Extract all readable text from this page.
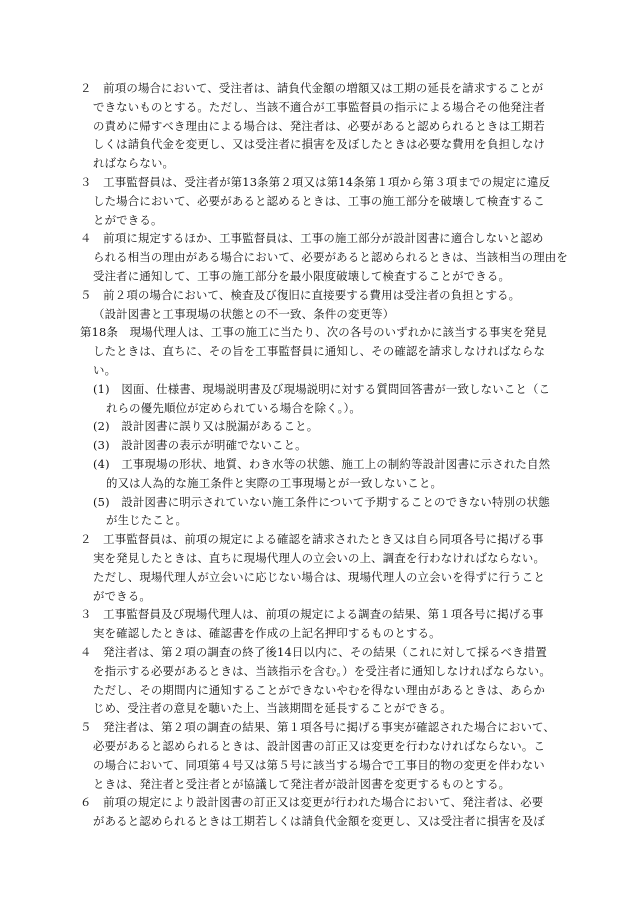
２　前項の場合において、受注者は、請負代金額の増額又は工期の延長を請求することが
できないものとする。ただし、当該不適合が工事監督員の指示による場合その他発注者
の責めに帰すべき理由による場合は、発注者は、必要があると認められるときは工期若
しくは請負代金を変更し、又は受注者に損害を及ぼしたときは必要な費用を負担しなけ
ればならない。
３　工事監督員は、受注者が第13条第２項又は第14条第１項から第３項までの規定に違反
した場合において、必要があると認めるときは、工事の施工部分を破壊して検査するこ
とができる。
４　前項に規定するほか、工事監督員は、工事の施工部分が設計図書に適合しないと認め
られる相当の理由がある場合において、必要があると認められるときは、当該相当の理由を
受注者に通知して、工事の施工部分を最小限度破壊して検査することができる。
５　前２項の場合において、検査及び復旧に直接要する費用は受注者の負担とする。
（設計図書と工事現場の状態との不一致、条件の変更等）
第18条　現場代理人は、工事の施工に当たり、次の各号のいずれかに該当する事実を発見
したときは、直ちに、その旨を工事監督員に通知し、その確認を請求しなければならな
い。
(1)　図面、仕様書、現場説明書及び現場説明に対する質問回答書が一致しないこと（こ
れらの優先順位が定められている場合を除く。）。
(2)　設計図書に誤り又は脱漏があること。
(3)　設計図書の表示が明確でないこと。
(4)　工事現場の形状、地質、わき水等の状態、施工上の制約等設計図書に示された自然
的又は人為的な施工条件と実際の工事現場とが一致しないこと。
(5)　設計図書に明示されていない施工条件について予期することのできない特別の状態
が生じたこと。
２　工事監督員は、前項の規定による確認を請求されたとき又は自ら同項各号に掲げる事
実を発見したときは、直ちに現場代理人の立会いの上、調査を行わなければならない。
ただし、現場代理人が立会いに応じない場合は、現場代理人の立会いを得ずに行うこと
ができる。
３　工事監督員及び現場代理人は、前項の規定による調査の結果、第１項各号に掲げる事
実を確認したときは、確認書を作成の上記名押印するものとする。
４　発注者は、第２項の調査の終了後14日以内に、その結果（これに対して採るべき措置
を指示する必要があるときは、当該指示を含む。）を受注者に通知しなければならない。
ただし、その期間内に通知することができないやむを得ない理由があるときは、あらか
じめ、受注者の意見を聴いた上、当該期間を延長することができる。
５　発注者は、第２項の調査の結果、第１項各号に掲げる事実が確認された場合において、
必要があると認められるときは、設計図書の訂正又は変更を行わなければならない。こ
の場合において、同項第４号又は第５号に該当する場合で工事目的物の変更を伴わない
ときは、発注者と受注者とが協議して発注者が設計図書を変更するものとする。
６　前項の規定により設計図書の訂正又は変更が行われた場合において、発注者は、必要
があると認められるときは工期若しくは請負代金額を変更し、又は受注者に損害を及ぼ
